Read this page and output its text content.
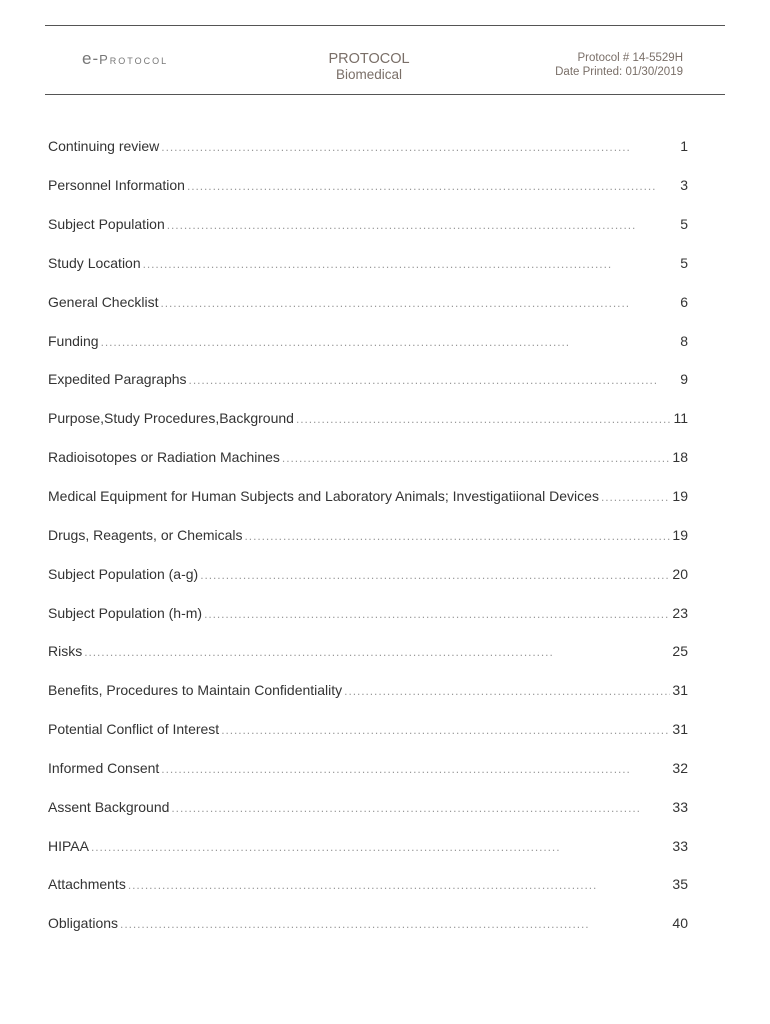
e-Protocol	PROTOCOL
Biomedical
Protocol # 14-5529H
Date Printed: 01/30/2019
Continuing review . . .	1
Personnel Information . . .	3
Subject Population . . .	5
Study Location . . .	5
General Checklist . . .	6
Funding . . .	8
Expedited Paragraphs . . .	9
Purpose,Study Procedures,Background . . .	11
Radioisotopes or Radiation Machines . . .	18
Medical Equipment for Human Subjects and Laboratory Animals; Investigatiional Devices . . .	19
Drugs, Reagents, or Chemicals . . .	19
Subject Population (a-g) . . .	20
Subject Population (h-m) . . .	23
Risks . . .	25
Benefits, Procedures to Maintain Confidentiality . . .	31
Potential Conflict of Interest . . .	31
Informed Consent . . .	32
Assent Background . . .	33
HIPAA . . .	33
Attachments . . .	35
Obligations . . .	40
